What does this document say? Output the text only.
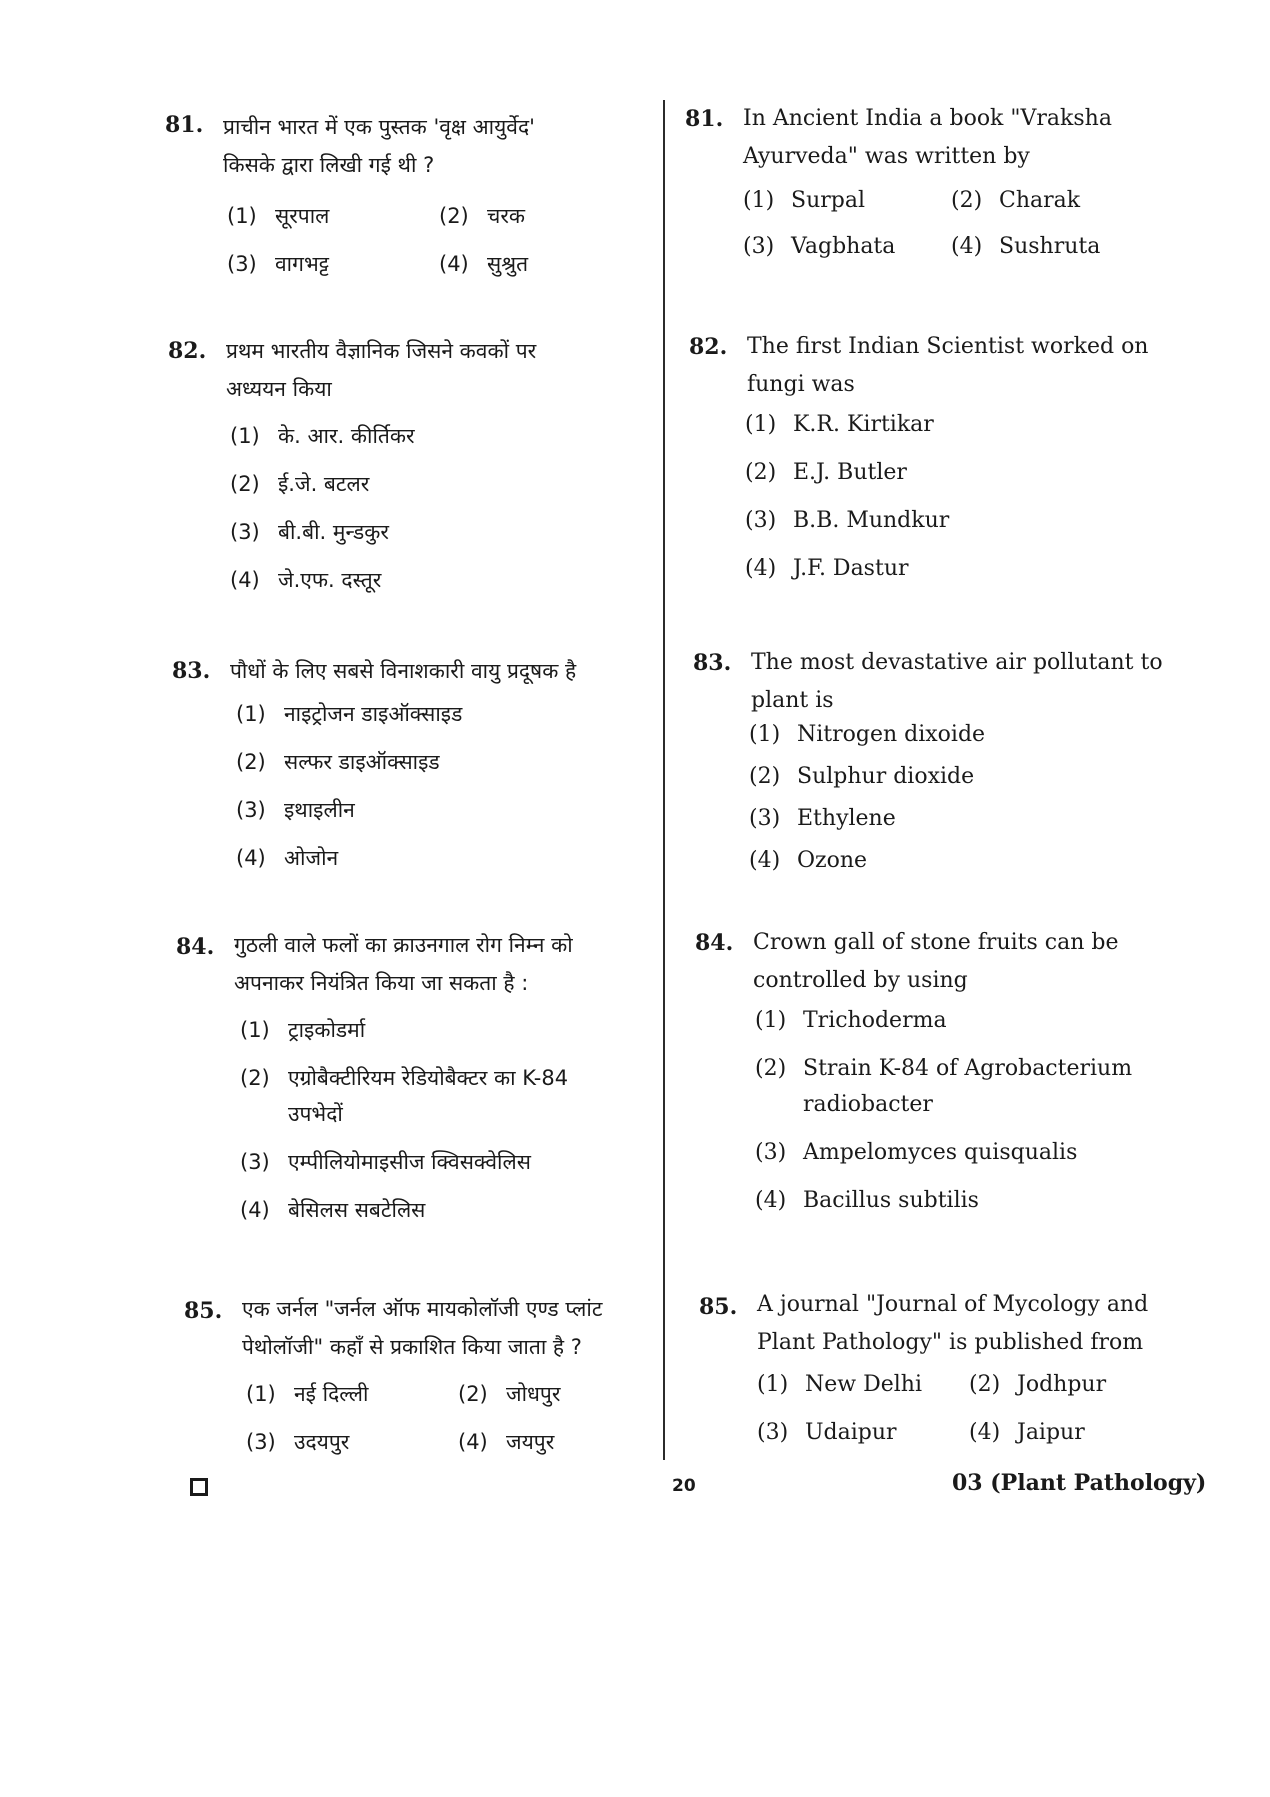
81. प्राचीन भारत में एक पुस्तक 'वृक्ष आयुर्वेद'
किसके द्वारा लिखी गई थी ?
(1) सूरपाल	(2) चरक
(3) वागभट्ट	(4) सुश्रुत
82. प्रथम भारतीय वैज्ञानिक जिसने कवकों पर
अध्ययन किया
(1) के. आर. कीर्तिकर
(2) ई.जे. बटलर
(3) बी.बी. मुन्डकुर
(4) जे.एफ. दस्तूर
83. पौधों के लिए सबसे विनाशकारी वायु प्रदूषक है
(1) नाइट्रोजन डाइऑक्साइड
(2) सल्फर डाइऑक्साइड
(3) इथाइलीन
(4) ओजोन
84. गुठली वाले फलों का क्राउनगाल रोग निम्न को
अपनाकर नियंत्रित किया जा सकता है :
(1) ट्राइकोडर्मा
(2) एग्रोबैक्टीरियम रेडियोबैक्टर का K-84
उपभेदों
(3) एम्पीलियोमाइसीज क्विसक्वेलिस
(4) बेसिलस सबटेलिस
85. एक जर्नल "जर्नल ऑफ मायकोलॉजी एण्ड प्लांट
पेथोलॉजी" कहाँ से प्रकाशित किया जाता है ?
(1) नई दिल्ली	(2) जोधपुर
(3) उदयपुर	(4) जयपुर
81. In Ancient India a book "Vraksha
Ayurveda" was written by
(1) Surpal	(2) Charak
(3) Vagbhata	(4) Sushruta
82. The first Indian Scientist worked on
fungi was
(1) K.R. Kirtikar
(2) E.J. Butler
(3) B.B. Mundkur
(4) J.F. Dastur
83. The most devastative air pollutant to
plant is
(1) Nitrogen dixoide
(2) Sulphur dioxide
(3) Ethylene
(4) Ozone
84. Crown gall of stone fruits can be
controlled by using
(1) Trichoderma
(2) Strain K-84 of Agrobacterium
radiobacter
(3) Ampelomyces quisqualis
(4) Bacillus subtilis
85. A journal "Journal of Mycology and
Plant Pathology" is published from
(1) New Delhi (2) Jodhpur
(3) Udaipur	(4) Jaipur
20	03 (Plant Pathology)
